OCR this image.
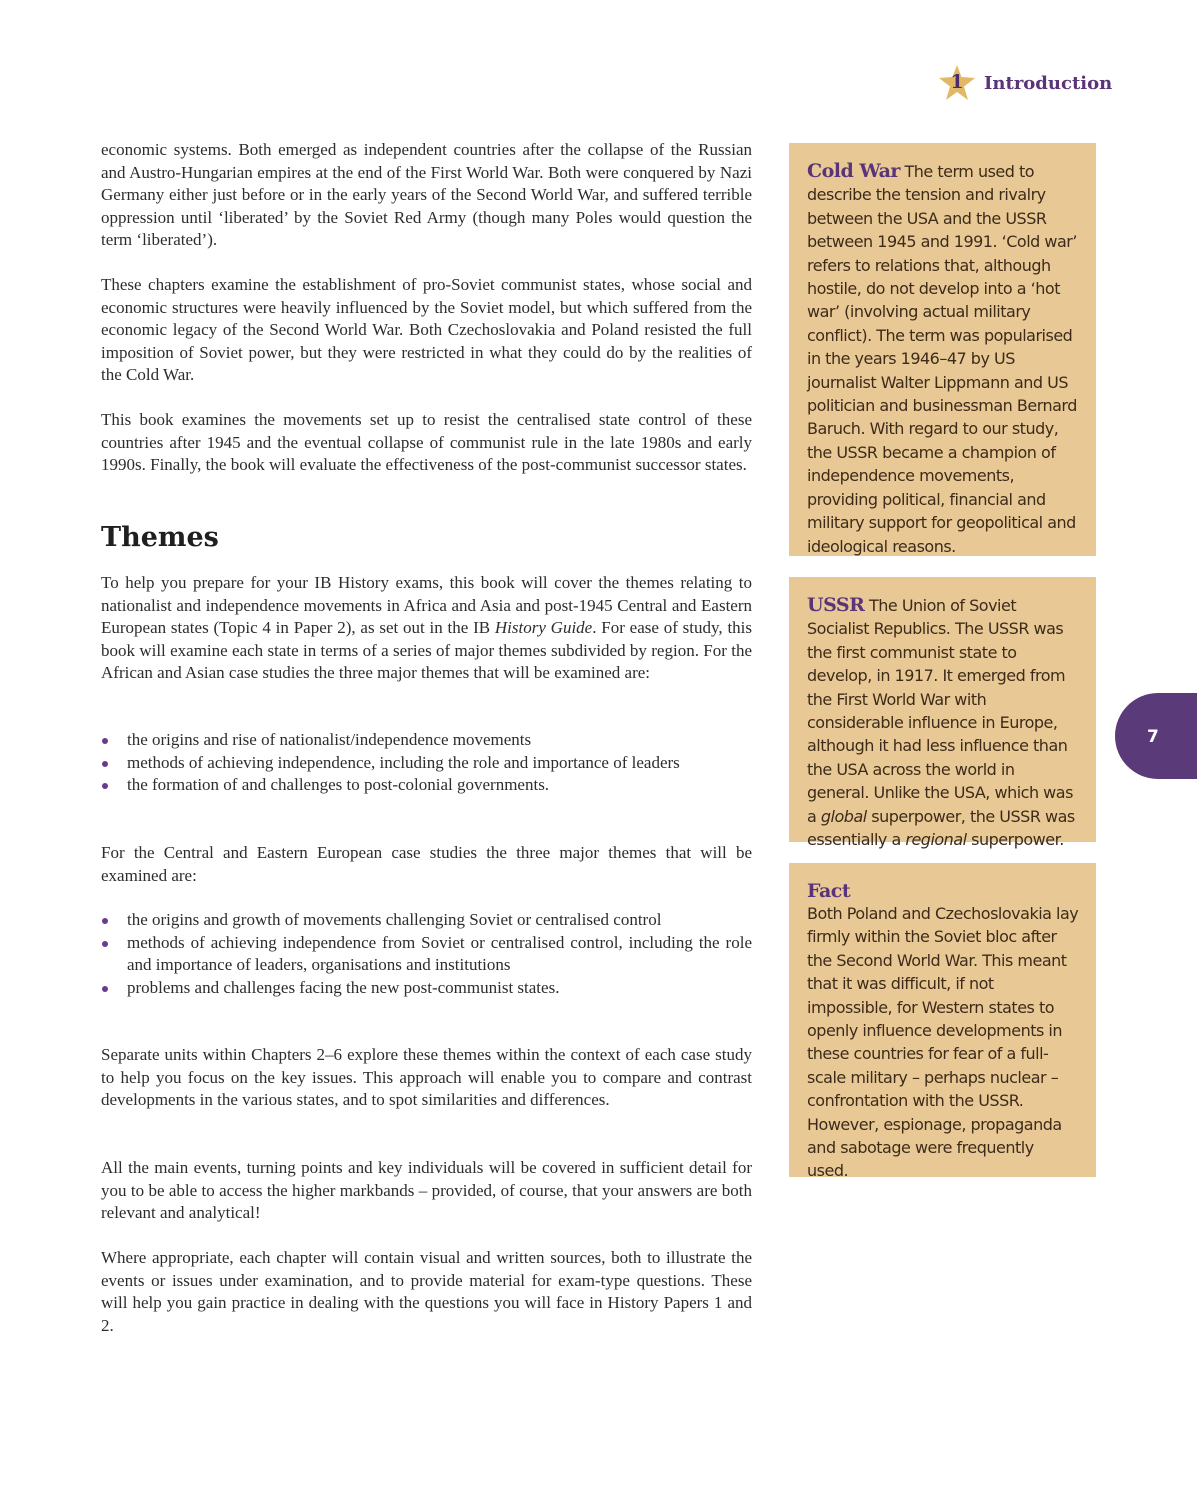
1	Introduction

economic systems. Both emerged as independent countries after the collapse of the Russian and Austro-Hungarian empires at the end of the First World War. Both were conquered by Nazi Germany either just before or in the early years of the Second World War, and suffered terrible oppression until ‘liberated’ by the Soviet Red Army (though many Poles would question the term ‘liberated’).

These chapters examine the establishment of pro-Soviet communist states, whose social and economic structures were heavily influenced by the Soviet model, but which suffered from the economic legacy of the Second World War. Both Czechoslovakia and Poland resisted the full imposition of Soviet power, but they were restricted in what they could do by the realities of the Cold War.

This book examines the movements set up to resist the centralised state control of these countries after 1945 and the eventual collapse of communist rule in the late 1980s and early 1990s. Finally, the book will evaluate the effectiveness of the post-communist successor states.

Themes

To help you prepare for your IB History exams, this book will cover the themes relating to nationalist and independence movements in Africa and Asia and post-1945 Central and Eastern European states (Topic 4 in Paper 2), as set out in the IB History Guide. For ease of study, this book will examine each state in terms of a series of major themes subdivided by region. For the African and Asian case studies the three major themes that will be examined are:

the origins and rise of nationalist/independence movements
methods of achieving independence, including the role and importance of leaders
the formation of and challenges to post-colonial governments.

For the Central and Eastern European case studies the three major themes that will be examined are:

the origins and growth of movements challenging Soviet or centralised control
methods of achieving independence from Soviet or centralised control, including the role and importance of leaders, organisations and institutions
problems and challenges facing the new post-communist states.

Separate units within Chapters 2–6 explore these themes within the context of each case study to help you focus on the key issues. This approach will enable you to compare and contrast developments in the various states, and to spot similarities and differences.

All the main events, turning points and key individuals will be covered in sufficient detail for you to be able to access the higher markbands – provided, of course, that your answers are both relevant and analytical!

Where appropriate, each chapter will contain visual and written sources, both to illustrate the events or issues under examination, and to provide material for exam-type questions. These will help you gain practice in dealing with the questions you will face in History Papers 1 and 2.

Cold War The term used to describe the tension and rivalry between the USA and the USSR between 1945 and 1991. ‘Cold war’ refers to relations that, although hostile, do not develop into a ‘hot war’ (involving actual military conflict). The term was popularised in the years 1946–47 by US journalist Walter Lippmann and US politician and businessman Bernard Baruch. With regard to our study, the USSR became a champion of independence movements, providing political, financial and military support for geopolitical and ideological reasons.
USSR The Union of Soviet Socialist Republics. The USSR was the first communist state to develop, in 1917. It emerged from the First World War with considerable influence in Europe, although it had less influence than the USA across the world in general. Unlike the USA, which was a global superpower, the USSR was essentially a regional superpower.
Fact
Both Poland and Czechoslovakia lay firmly within the Soviet bloc after the Second World War. This meant that it was difficult, if not impossible, for Western states to openly influence developments in these countries for fear of a full-scale military – perhaps nuclear – confrontation with the USSR. However, espionage, propaganda and sabotage were frequently used.
7
